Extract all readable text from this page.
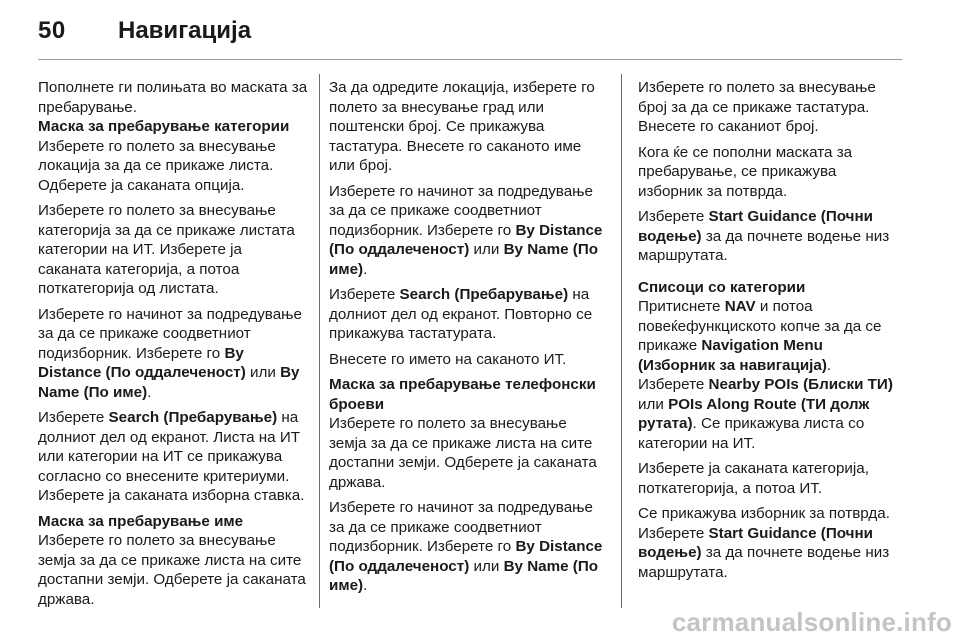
50 Навигација

Пополнете ги полињата во маската за пребарување.

Маска за пребарување категории

Изберете го полето за внесување локација за да се прикаже листа. Одберете ја саканата опција.

Изберете го полето за внесување категорија за да се прикаже листата категории на ИТ. Изберете ја саканата категорија, а потоа поткатегорија од листата.

Изберете го начинот за подредување за да се прикаже соодветниот подизборник. Изберете го By Distance (По оддалеченост) или By Name (По име).

Изберете Search (Пребарување) на долниот дел од екранот. Листа на ИТ или категории на ИТ се прикажува согласно со внесените критериуми. Изберете ја саканата изборна ставка.

Маска за пребарување име

Изберете го полето за внесување земја за да се прикаже листа на сите достапни земји. Одберете ја саканата држава.

За да одредите локација, изберете го полето за внесување град или поштенски број. Се прикажува тастатура. Внесете го саканото име или број.

Изберете го начинот за подредување за да се прикаже соодветниот подизборник. Изберете го By Distance (По оддалеченост) или By Name (По име).

Изберете Search (Пребарување) на долниот дел од екранот. Повторно се прикажува тастатурата.

Внесете го името на саканото ИТ.

Маска за пребарување телефонски броеви

Изберете го полето за внесување земја за да се прикаже листа на сите достапни земји. Одберете ја саканата држава.

Изберете го начинот за подредување за да се прикаже соодветниот подизборник. Изберете го By Distance (По оддалеченост) или By Name (По име).

Изберете го полето за внесување број за да се прикаже тастатура. Внесете го саканиот број.

Кога ќе се пополни маската за пребарување, се прикажува изборник за потврда.

Изберете Start Guidance (Почни водење) за да почнете водење низ маршрутата.

Списоци со категории

Притиснете NAV и потоа повеќефункциското копче за да се прикаже Navigation Menu (Изборник за навигација).
Изберете Nearby POIs (Блиски ТИ) или POIs Along Route (ТИ долж рутата). Се прикажува листа со категории на ИТ.

Изберете ја саканата категорија, поткатегорија, а потоа ИТ.

Се прикажува изборник за потврда. Изберете Start Guidance (Почни водење) за да почнете водење низ маршрутата.

carmanualsonline.info
